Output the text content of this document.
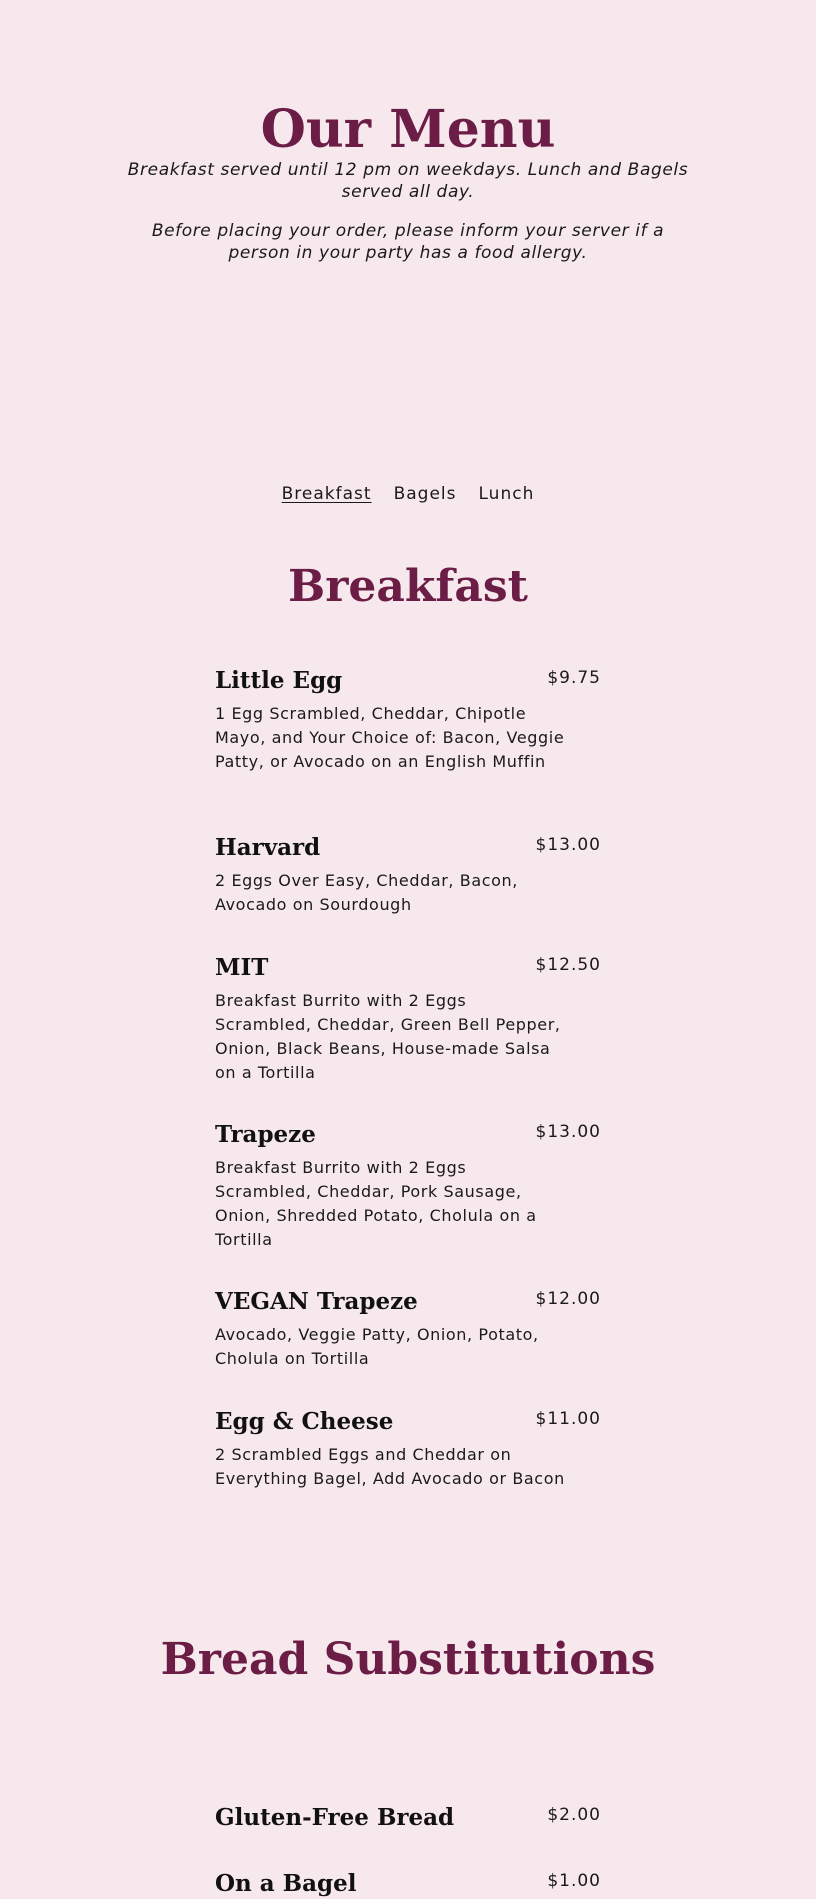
Our Menu

Breakfast served until 12 pm on weekdays. Lunch and Bagels served all day.

Before placing your order, please inform your server if a person in your party has a food allergy.

Breakfast Bagels Lunch
Breakfast
Little Egg	$9.75
1 Egg Scrambled, Cheddar, Chipotle Mayo, and Your Choice of: Bacon, Veggie Patty, or Avocado on an English Muffin
Harvard	$13.00
2 Eggs Over Easy, Cheddar, Bacon, Avocado on Sourdough
MIT	$12.50
Breakfast Burrito with 2 Eggs Scrambled, Cheddar, Green Bell Pepper, Onion, Black Beans, House-made Salsa on a Tortilla
Trapeze	$13.00
Breakfast Burrito with 2 Eggs Scrambled, Cheddar, Pork Sausage, Onion, Shredded Potato, Cholula on a Tortilla
VEGAN Trapeze	$12.00
Avocado, Veggie Patty, Onion, Potato, Cholula on Tortilla
Egg & Cheese	$11.00
2 Scrambled Eggs and Cheddar on Everything Bagel, Add Avocado or Bacon
Bread Substitutions
Gluten-Free Bread	$2.00
On a Bagel	$1.00
